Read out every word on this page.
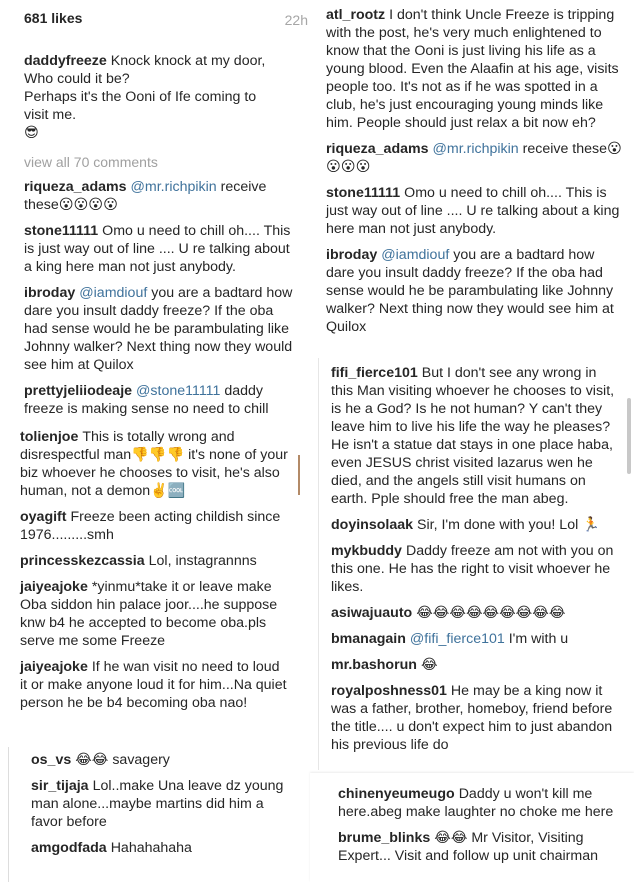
681 likes	22h
daddyfreeze Knock knock at my door,
Who could it be?
Perhaps it's the Ooni of Ife coming to
visit me.
😎
view all 70 comments
riqueza_adams @mr.richpikin receive these😮😮😮😮
stone11111 Omo u need to chill oh.... This is just way out of line .... U re talking about a king here man not just anybody.
ibroday @iamdiouf you are a badtard how dare you insult daddy freeze? If the oba had sense would he be parambulating like Johnny walker? Next thing now they would see him at Quilox
prettyjeliiodeaje @stone11111 daddy freeze is making sense no need to chill
tolienjoe This is totally wrong and disrespectful man👎👎👎 it's none of your biz whoever he chooses to visit, he's also human, not a demon✌️🆒
oyagift Freeze been acting childish since 1976.........smh
princesskezcassia Lol, instagrannns
jaiyeajoke *yinmu*take it or leave make Oba siddon hin palace joor....he suppose knw b4 he accepted to become oba.pls serve me some Freeze
jaiyeajoke If he wan visit no need to loud it or make anyone loud it for him...Na quiet person he be b4 becoming oba nao!
os_vs 😂😂 savagery
sir_tijaja Lol..make Una leave dz young man alone...maybe martins did him a favor before
amgodfada Hahahahaha
atl_rootz I don't think Uncle Freeze is tripping with the post, he's very much enlightened to know that the Ooni is just living his life as a young blood. Even the Alaafin at his age, visits people too. It's not as if he was spotted in a club, he's just encouraging young minds like him. People should just relax a bit now eh?
riqueza_adams @mr.richpikin receive these😮😮😮😮
stone11111 Omo u need to chill oh.... This is just way out of line .... U re talking about a king here man not just anybody.
ibroday @iamdiouf you are a badtard how dare you insult daddy freeze? If the oba had sense would he be parambulating like Johnny walker? Next thing now they would see him at Quilox
fifi_fierce101 But I don't see any wrong in this Man visiting whoever he chooses to visit, is he a God? Is he not human? Y can't they leave him to live his life the way he pleases? He isn't a statue dat stays in one place haba, even JESUS christ visited lazarus wen he died, and the angels still visit humans on earth. Pple should free the man abeg.
doyinsolaak Sir, I'm done with you! Lol 🏃
mykbuddy Daddy freeze am not with you on this one. He has the right to visit whoever he likes.
asiwajuauto 😂😂😂😂😂😂😂😂😂
bmanagain @fifi_fierce101 I'm with u
mr.bashorun 😂
royalposhness01 He may be a king now it was a father, brother, homeboy, friend before the title.... u don't expect him to just abandon his previous life do
chinenyeumeugo Daddy u won't kill me here.abeg make laughter no choke me here
brume_blinks 😂😂 Mr Visitor, Visiting Expert... Visit and follow up unit chairman
